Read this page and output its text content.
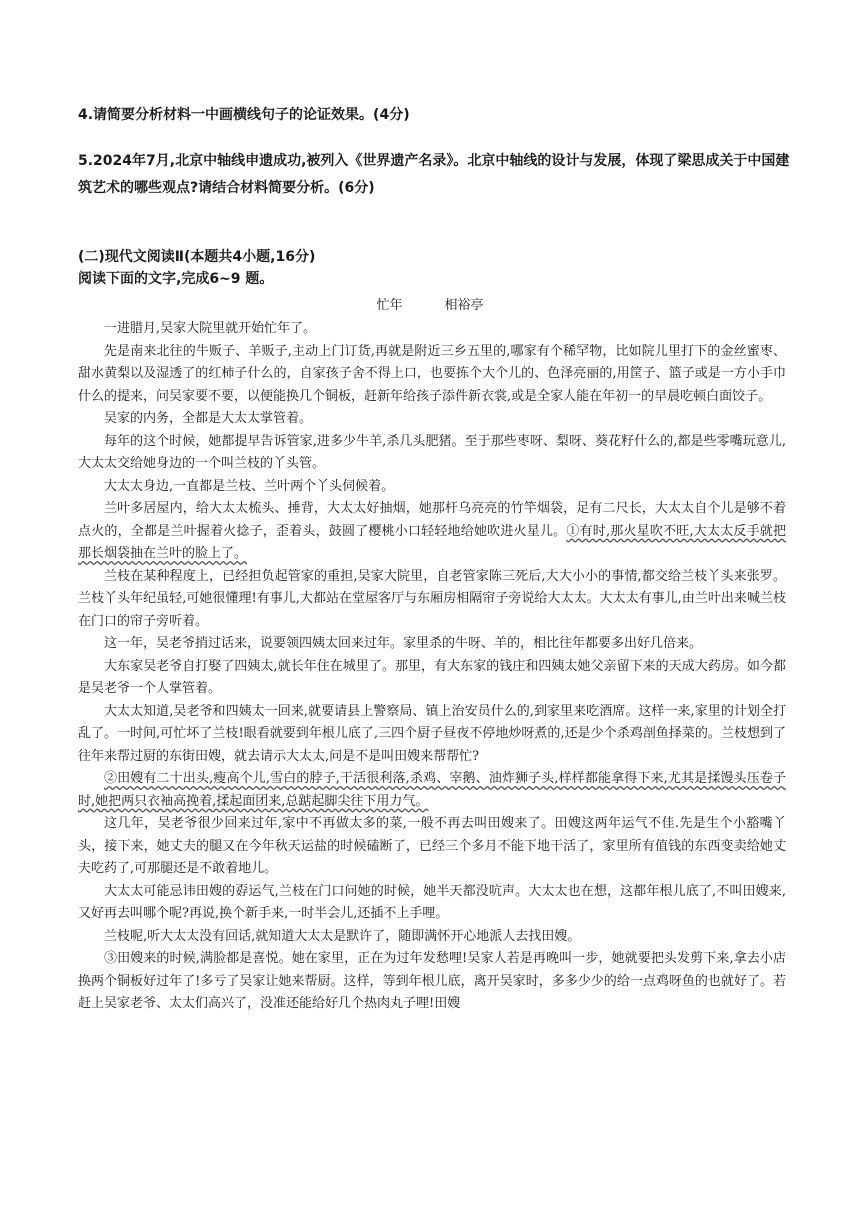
4.请简要分析材料一中画横线句子的论证效果。(4分)
5.2024年7月,北京中轴线申遗成功,被列入《世界遗产名录》。北京中轴线的设计与发展，体现了梁思成关于中国建筑艺术的哪些观点?请结合材料简要分析。(6分)
(二)现代文阅读Ⅱ(本题共4小题,16分)
阅读下面的文字,完成6~9 题。
忙年	相裕亭

一进腊月,吴家大院里就开始忙年了。

先是南来北往的牛贩子、羊贩子,主动上门订货,再就是附近三乡五里的,哪家有个稀罕物，比如院儿里打下的金丝蜜枣、甜水黄梨以及湿透了的红柿子什么的，自家孩子舍不得上口，也要拣个大个儿的、色泽亮丽的,用筐子、篮子或是一方小手巾什么的提来，问吴家要不要，以便能换几个铜板，赶新年给孩子添件新衣裳,或是全家人能在年初一的早晨吃顿白面饺子。

吴家的内务，全都是大太太掌管着。

每年的这个时候，她都提早告诉管家,进多少牛羊,杀几头肥猪。至于那些枣呀、梨呀、葵花籽什么的,都是些零嘴玩意儿,大太太交给她身边的一个叫兰枝的丫头管。

大太太身边,一直都是兰枝、兰叶两个丫头伺候着。

兰叶多居屋内，给大太太梳头、捶背，大太太好抽烟，她那杆乌亮亮的竹竿烟袋，足有二尺长，大太太自个儿是够不着点火的，全都是兰叶握着火捻子，歪着头，鼓圆了樱桃小口轻轻地给她吹进火星儿。①有时,那火星吹不旺,大太太反手就把那长烟袋抽在兰叶的脸上了。

兰枝在某种程度上，已经担负起管家的重担,吴家大院里，自老管家陈三死后,大大小小的事情,都交给兰枝丫头来张罗。兰枝丫头年纪虽轻,可她很懂理!有事儿,大都站在堂屋客厅与东厢房相隔帘子旁说给大太太。大太太有事儿,由兰叶出来喊兰枝在门口的帘子旁听着。

这一年，吴老爷捎过话来，说要领四姨太回来过年。家里杀的牛呀、羊的，相比往年都要多出好几倍来。

大东家吴老爷自打娶了四姨太,就长年住在城里了。那里，有大东家的钱庄和四姨太她父亲留下来的天成大药房。如今都是吴老爷一个人掌管着。

大太太知道,吴老爷和四姨太一回来,就要请县上警察局、镇上治安员什么的,到家里来吃酒席。这样一来,家里的计划全打乱了。一时间,可忙坏了兰枝!眼看就要到年根儿底了,三四个厨子昼夜不停地炒呀煮的,还是少个杀鸡剖鱼择菜的。兰枝想到了往年来帮过厨的东街田嫂，就去请示大太太,问是不是叫田嫂来帮帮忙?

②田嫂有二十出头,瘦高个儿,雪白的脖子,干活很利落,杀鸡、宰鹅、油炸狮子头,样样都能拿得下来,尤其是揉馒头压卷子时,她把两只衣袖高挽着,揉起面团来,总踮起脚尖往下用力气。

这几年，吴老爷很少回来过年,家中不再做太多的菜,一般不再去叫田嫂来了。田嫂这两年运气不佳.先是生个小豁嘴丫头，接下来，她丈夫的腿又在今年秋天运盐的时候磕断了，已经三个多月不能下地干活了，家里所有值钱的东西变卖给她丈夫吃药了,可那腿还是不敢着地儿。

大太太可能忌讳田嫂的孬运气,兰枝在门口问她的时候，她半天都没吭声。大太太也在想，这都年根儿底了,不叫田嫂来,又好再去叫哪个呢?再说,换个新手来,一时半会儿,还插不上手哩。

兰枝呢,听大太太没有回话,就知道大太太是默许了，随即满怀开心地派人去找田嫂。

③田嫂来的时候,满脸都是喜悦。她在家里，正在为过年发愁哩!吴家人若是再晚叫一步，她就要把头发剪下来,拿去小店换两个铜板好过年了!多亏了吴家让她来帮厨。这样，等到年根儿底，离开吴家时，多多少少的给一点鸡呀鱼的也就好了。若赶上吴家老爷、太太们高兴了，没准还能给好几个热肉丸子哩!田嫂
